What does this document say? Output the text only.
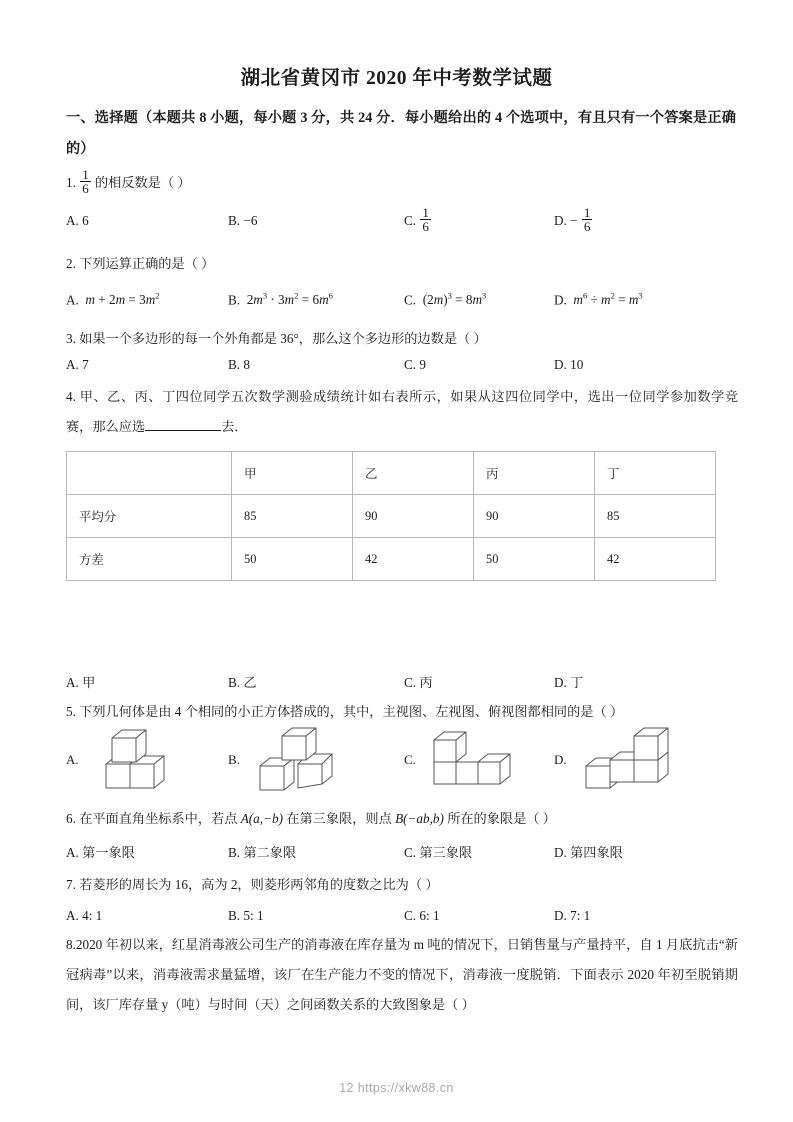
湖北省黄冈市 2020 年中考数学试题
一、选择题（本题共 8 小题，每小题 3 分，共 24 分．每小题给出的 4 个选项中，有且只有一个答案是正确的）
1. $\frac{1}{6}$ 的相反数是（ ）
A. 6	B. −6	C. $\frac{1}{6}$	D. − $\frac{1}{6}$
2. 下列运算正确的是（ ）
A. $m + 2m = 3m^2$	B. $2m^3 \cdot 3m^2 = 6m^6$	C. $(2m)^3 = 8m^3$	D. $m^6 \div m^2 = m^3$
3. 如果一个多边形的每一个外角都是 36°，那么这个多边形的边数是（ ）
A. 7	B. 8	C. 9	D. 10
4. 甲、乙、丙、丁四位同学五次数学测验成绩统计如右表所示，如果从这四位同学中，选出一位同学参加数学竞赛，那么应选	去．
	甲	乙	丙	丁
平均分	85	90	90	85
方差	50	42	50	42
A. 甲	B. 乙	C. 丙	D. 丁
5. 下列几何体是由 4 个相同的小正方体搭成的，其中，主视图、左视图、俯视图都相同的是（ ）
A.	B.	C.	D.
6. 在平面直角坐标系中，若点 A(a,−b) 在第三象限，则点 B(−ab,b) 所在的象限是（ ）
A. 第一象限	B. 第二象限	C. 第三象限	D. 第四象限
7. 若菱形的周长为 16，高为 2，则菱形两邻角的度数之比为（ ）
A. 4: 1	B. 5: 1	C. 6: 1	D. 7: 1
8.2020 年初以来，红星消毒液公司生产的消毒液在库存量为 m 吨的情况下，日销售量与产量持平，自 1 月底抗击“新冠病毒”以来，消毒液需求量猛增，该厂在生产能力不变的情况下，消毒液一度脱销．下面表示 2020 年初至脱销期间，该厂库存量 y（吨）与时间（天）之间函数关系的大致图象是（ ）
12 https://xkw88.cn
